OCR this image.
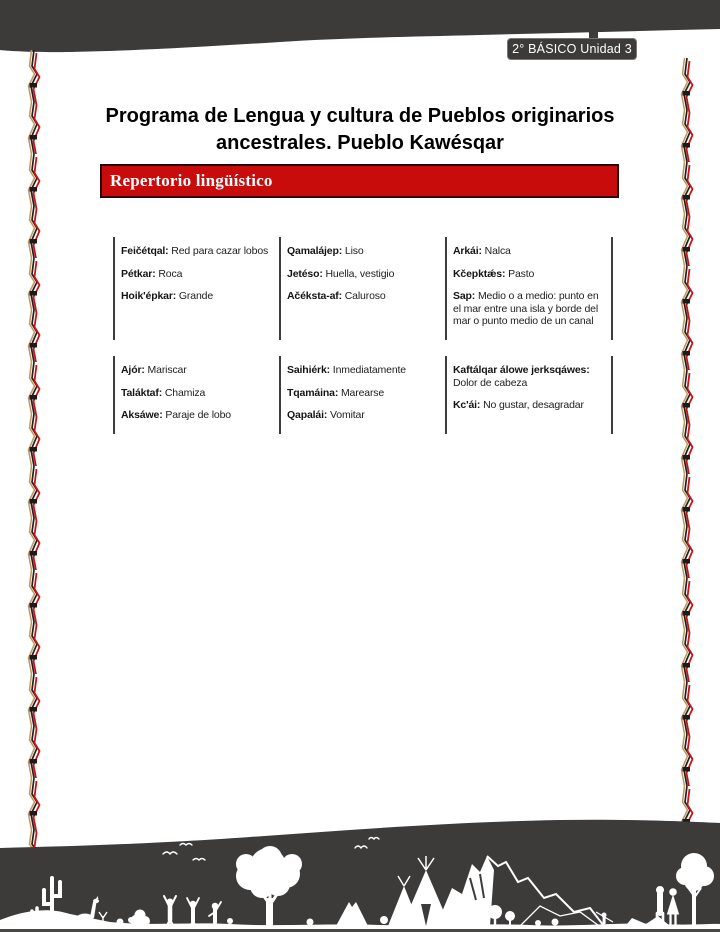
2° BÁSICO Unidad 3
Programa de Lengua y cultura de Pueblos originarios
ancestrales. Pueblo Kawésqar
Repertorio lingüístico

Feičétqal: Red para cazar lobos

Pétkar: Roca

Hoik'épkar: Grande

Qamalájep: Liso

Jetéso: Huella, vestigio

Ačéksta-af: Caluroso

Arkái: Nalca

Kčepktǽs: Pasto

Sap: Medio o a medio: punto en el mar entre una isla y borde del mar o punto medio de un canal

Ajór: Mariscar

Taláktaf: Chamiza

Aksáwe: Paraje de lobo

Saihiérk: Inmediatamente

Tqamáina: Marearse

Qapalái: Vomitar

Kaftálqar álowe jerksqáwes: Dolor de cabeza

Kc'ái: No gustar, desagradar
